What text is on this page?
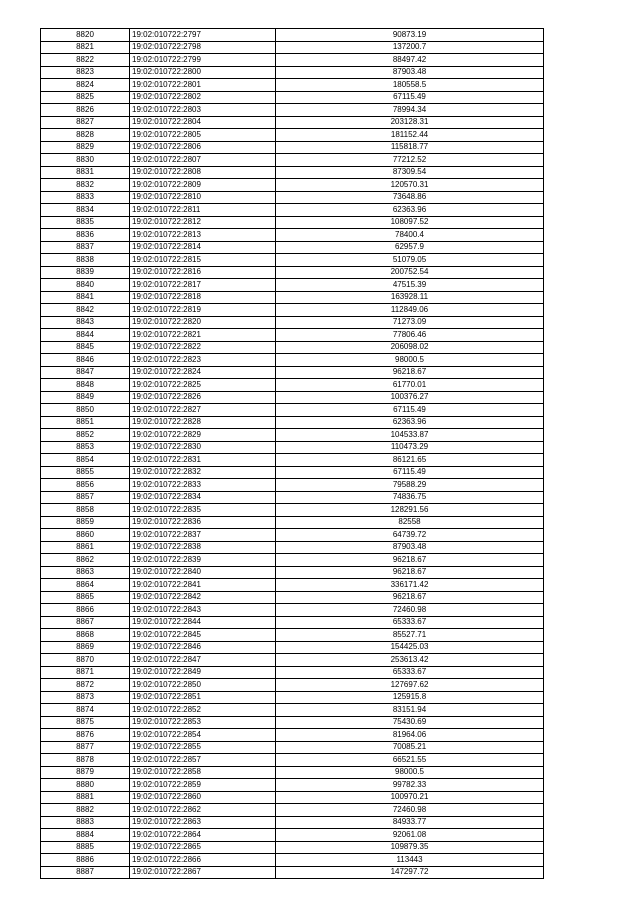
8820	19:02:010722:2797	90873.19
8821	19:02:010722:2798	137200.7
8822	19:02:010722:2799	88497.42
8823	19:02:010722:2800	87903.48
8824	19:02:010722:2801	180558.5
8825	19:02:010722:2802	67115.49
8826	19:02:010722:2803	78994.34
8827	19:02:010722:2804	203128.31
8828	19:02:010722:2805	181152.44
8829	19:02:010722:2806	115818.77
8830	19:02:010722:2807	77212.52
8831	19:02:010722:2808	87309.54
8832	19:02:010722:2809	120570.31
8833	19:02:010722:2810	73648.86
8834	19:02:010722:2811	62363.96
8835	19:02:010722:2812	108097.52
8836	19:02:010722:2813	78400.4
8837	19:02:010722:2814	62957.9
8838	19:02:010722:2815	51079.05
8839	19:02:010722:2816	200752.54
8840	19:02:010722:2817	47515.39
8841	19:02:010722:2818	163928.11
8842	19:02:010722:2819	112849.06
8843	19:02:010722:2820	71273.09
8844	19:02:010722:2821	77806.46
8845	19:02:010722:2822	206098.02
8846	19:02:010722:2823	98000.5
8847	19:02:010722:2824	96218.67
8848	19:02:010722:2825	61770.01
8849	19:02:010722:2826	100376.27
8850	19:02:010722:2827	67115.49
8851	19:02:010722:2828	62363.96
8852	19:02:010722:2829	104533.87
8853	19:02:010722:2830	110473.29
8854	19:02:010722:2831	86121.65
8855	19:02:010722:2832	67115.49
8856	19:02:010722:2833	79588.29
8857	19:02:010722:2834	74836.75
8858	19:02:010722:2835	128291.56
8859	19:02:010722:2836	82558
8860	19:02:010722:2837	64739.72
8861	19:02:010722:2838	87903.48
8862	19:02:010722:2839	96218.67
8863	19:02:010722:2840	96218.67
8864	19:02:010722:2841	336171.42
8865	19:02:010722:2842	96218.67
8866	19:02:010722:2843	72460.98
8867	19:02:010722:2844	65333.67
8868	19:02:010722:2845	85527.71
8869	19:02:010722:2846	154425.03
8870	19:02:010722:2847	253613.42
8871	19:02:010722:2849	65333.67
8872	19:02:010722:2850	127697.62
8873	19:02:010722:2851	125915.8
8874	19:02:010722:2852	83151.94
8875	19:02:010722:2853	75430.69
8876	19:02:010722:2854	81964.06
8877	19:02:010722:2855	70085.21
8878	19:02:010722:2857	66521.55
8879	19:02:010722:2858	98000.5
8880	19:02:010722:2859	99782.33
8881	19:02:010722:2860	100970.21
8882	19:02:010722:2862	72460.98
8883	19:02:010722:2863	84933.77
8884	19:02:010722:2864	92061.08
8885	19:02:010722:2865	109879.35
8886	19:02:010722:2866	113443
8887	19:02:010722:2867	147297.72
